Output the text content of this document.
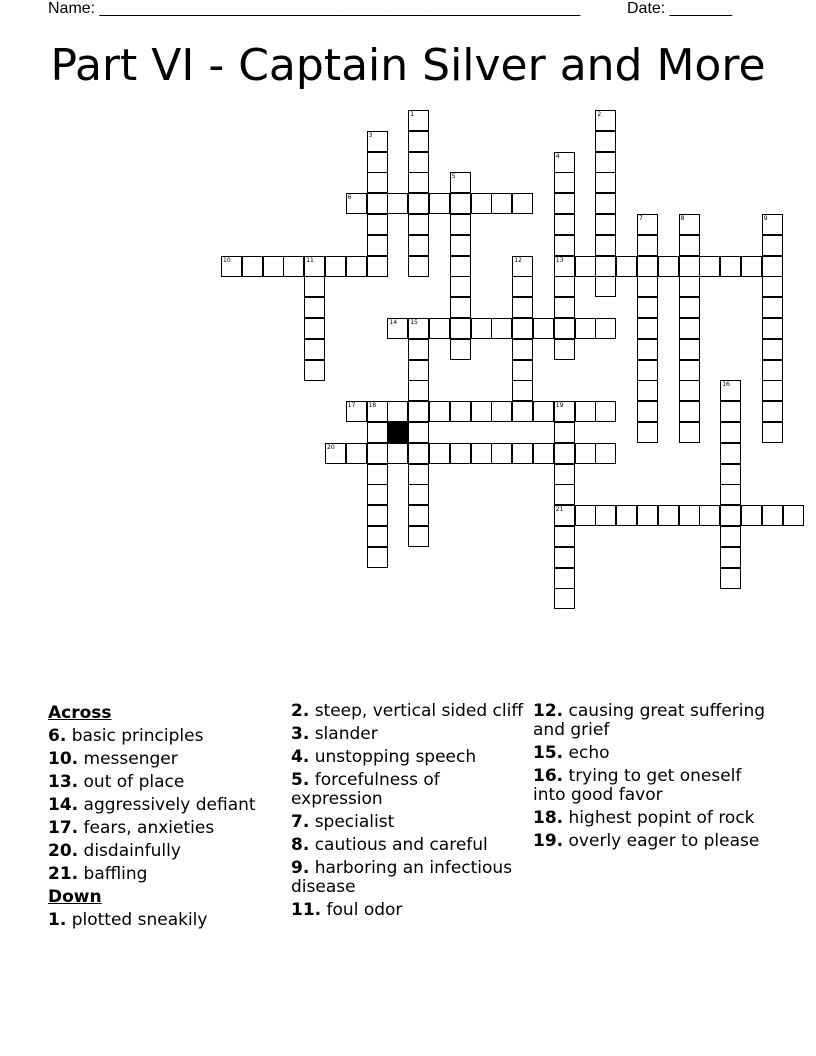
Name: ______________________________________________________	Date: _______
Part VI - Captain Silver and More
1	2
3
4
13
5
6
7	8	9
10	11	12
14 15
16
17 18	19
21
20
Across
6. basic principles
10. messenger
13. out of place
14. aggressively defiant
17. fears, anxieties
20. disdainfully
21. baffling
Down
1. plotted sneakily
2. steep, vertical sided cliff
3. slander
4. unstopping speech
5. forcefulness of expression
7. specialist
8. cautious and careful
9. harboring an infectious disease
11. foul odor
12. causing great suffering and grief
15. echo
16. trying to get oneself into good favor
18. highest popint of rock
19. overly eager to please
